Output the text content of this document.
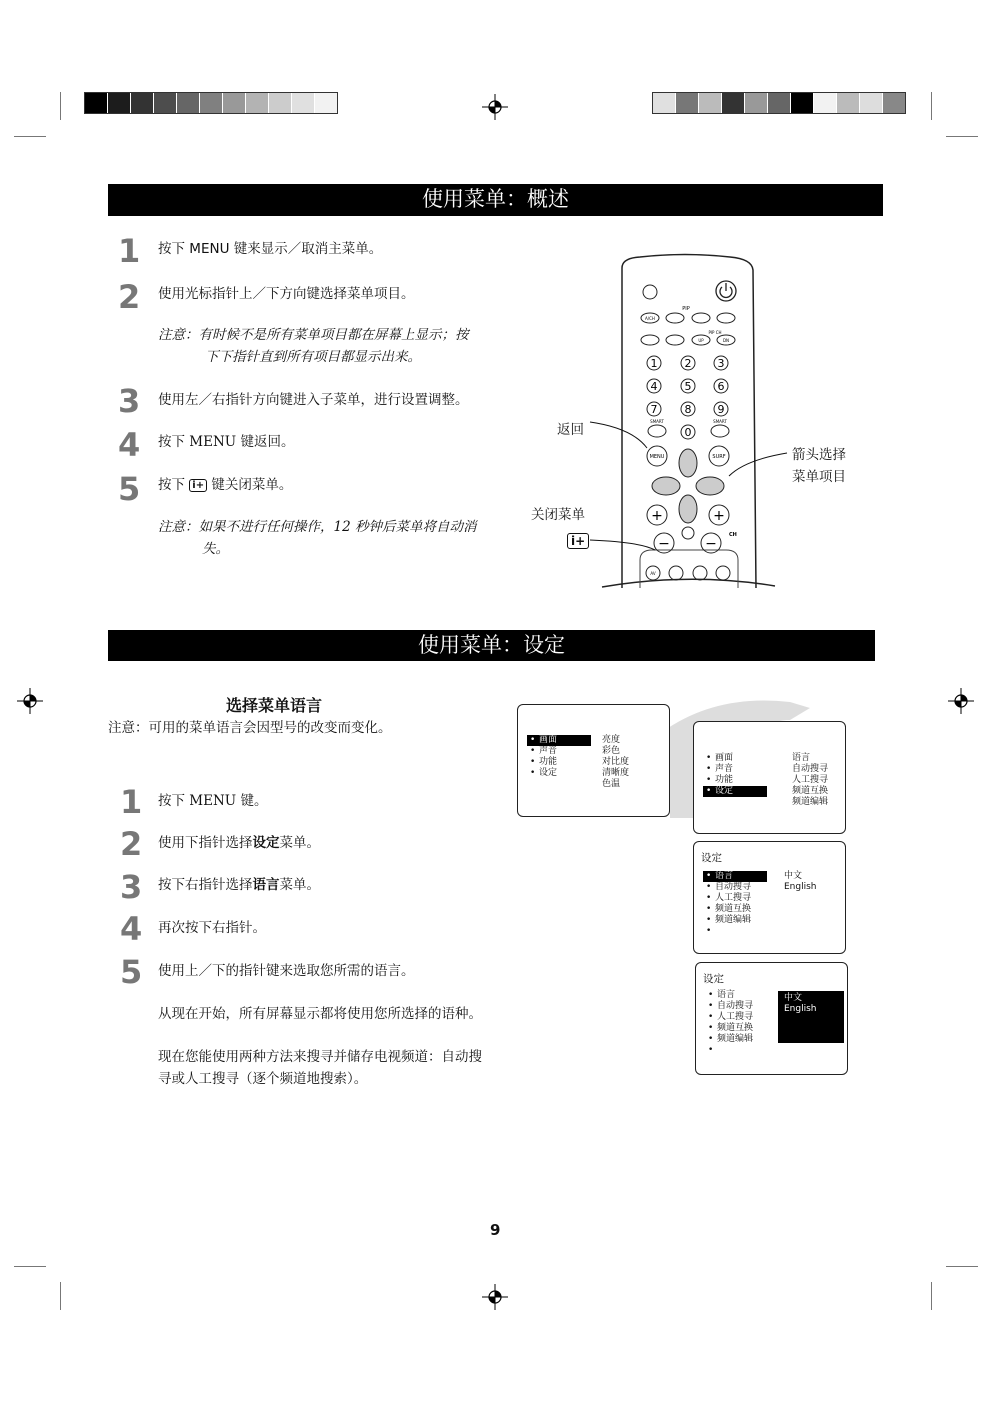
使用菜单：概述
1 按下 MENU 键来显示／取消主菜单。
2 使用光标指针上／下方向键选择菜单项目。
注意：有时候不是所有菜单项目都在屏幕上显示；按
下下指针直到所有项目都显示出来。
3 使用左／右指针方向键进入子菜单，进行设置调整。
4 按下 MENU 键返回。
5 按下 i+ 键关闭菜单。
注意：如果不进行任何操作，12 秒钟后菜单将自动消
失。
返回
关闭菜单
箭头选择
菜单项目
i+
PIP
A/CH
PIP CH
UP	DN
1 2 3
4 5 6
7 8 9
0
SMART	SMART
MENU	SURF
+	+
−	−
CH
AV
使用菜单：设定
选择菜单语言
注意：可用的菜单语言会因型号的改变而变化。
1 按下 MENU 键。
2 使用下指针选择设定菜单。
3 按下右指针选择语言菜单。
4 再次按下右指针。
5 使用上／下的指针键来选取您所需的语言。
从现在开始，所有屏幕显示都将使用您所选择的语种。
现在您能使用两种方法来搜寻并储存电视频道：自动搜
寻或人工搜寻（逐个频道地搜索）。
• 画面
• 声音
• 功能
• 设定
亮度
彩色
对比度
清晰度
色温
• 画面
• 声音
• 功能
• 设定
语言
自动搜寻
人工搜寻
频道互换
频道编辑
设定
• 语言
• 自动搜寻
• 人工搜寻
• 频道互换
• 频道编辑
•
中文
English
设定
• 语言
• 自动搜寻
• 人工搜寻
• 频道互换
• 频道编辑
•
中文
English
9
